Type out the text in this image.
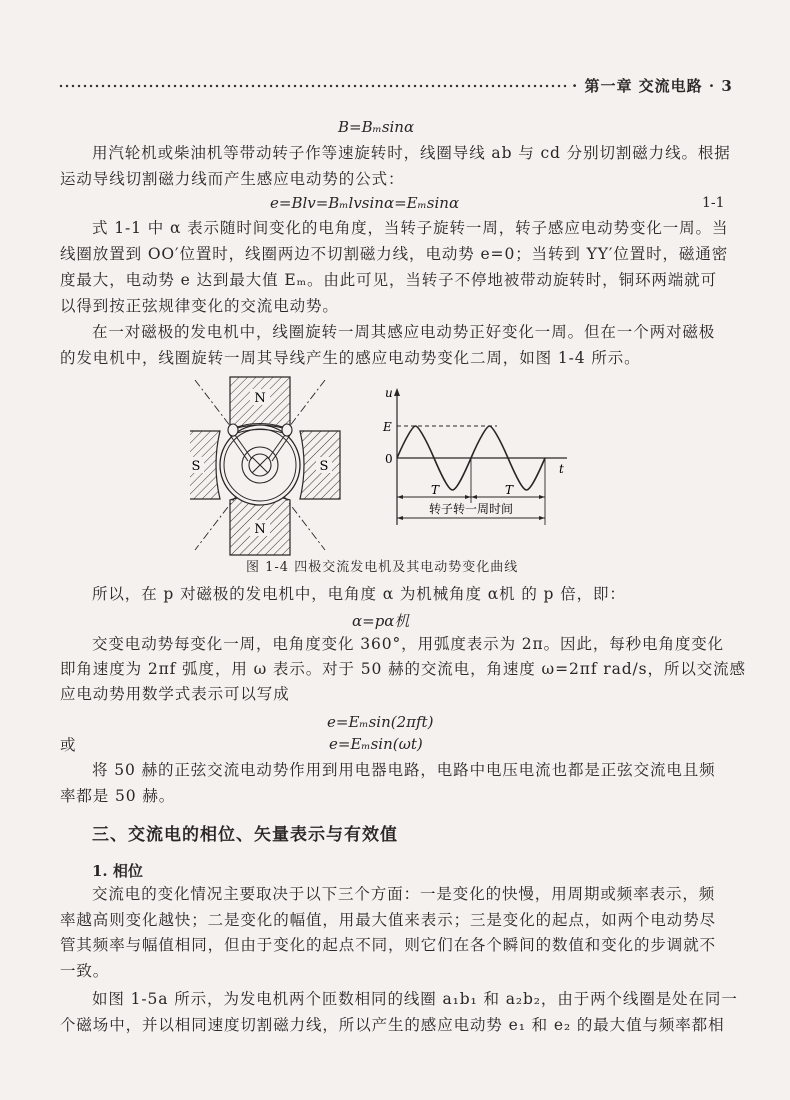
· 第一章 交流电路 · 3
B=Bₘsinα
用汽轮机或柴油机等带动转子作等速旋转时，线圈导线 ab 与 cd 分别切割磁力线。根据
运动导线切割磁力线而产生感应电动势的公式：
e=Blv=Bₘlvsinα=Eₘsinα	1-1
式 1-1 中 α 表示随时间变化的电角度，当转子旋转一周，转子感应电动势变化一周。当
线圈放置到 OO′位置时，线圈两边不切割磁力线，电动势 e=0；当转到 YY′位置时，磁通密
度最大，电动势 e 达到最大值 Eₘ。由此可见，当转子不停地被带动旋转时，铜环两端就可
以得到按正弦规律变化的交流电动势。
在一对磁极的发电机中，线圈旋转一周其感应电动势正好变化一周。但在一个两对磁极
的发电机中，线圈旋转一周其导线产生的感应电动势变化二周，如图 1-4 所示。
N
N
S	S
u
t
E
0
T	T
转子转一周时间
图 1-4 四极交流发电机及其电动势变化曲线
所以，在 p 对磁极的发电机中，电角度 α 为机械角度 α机 的 p 倍，即：
α=pα机
交变电动势每变化一周，电角度变化 360°，用弧度表示为 2π。因此，每秒电角度变化
即角速度为 2πf 弧度，用 ω 表示。对于 50 赫的交流电，角速度 ω=2πf rad/s，所以交流感
应电动势用数学式表示可以写成
e=Eₘsin(2πft)
或	e=Eₘsin(ωt)
将 50 赫的正弦交流电动势作用到用电器电路，电路中电压电流也都是正弦交流电且频
率都是 50 赫。
三、交流电的相位、矢量表示与有效值
1. 相位
交流电的变化情况主要取决于以下三个方面：一是变化的快慢，用周期或频率表示，频
率越高则变化越快；二是变化的幅值，用最大值来表示；三是变化的起点，如两个电动势尽
管其频率与幅值相同，但由于变化的起点不同，则它们在各个瞬间的数值和变化的步调就不
一致。
如图 1-5a 所示，为发电机两个匝数相同的线圈 a₁b₁ 和 a₂b₂，由于两个线圈是处在同一
个磁场中，并以相同速度切割磁力线，所以产生的感应电动势 e₁ 和 e₂ 的最大值与频率都相
